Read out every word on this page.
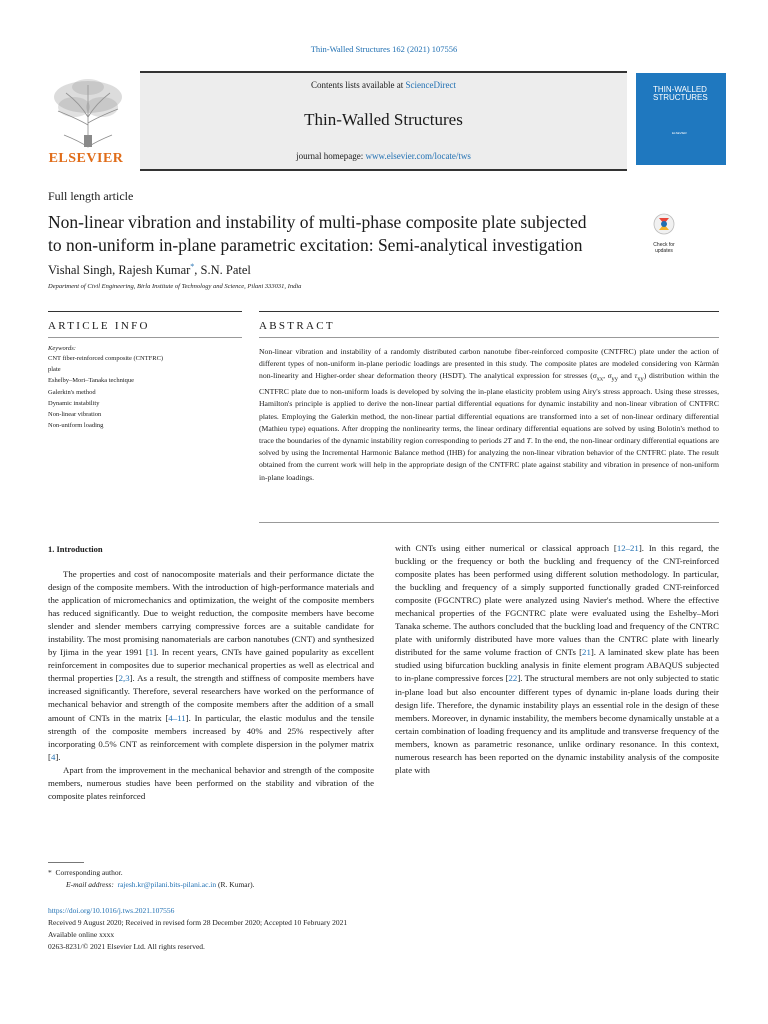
Thin-Walled Structures 162 (2021) 107556
ELSEVIER
Contents lists available at ScienceDirect
Thin-Walled Structures
journal homepage: www.elsevier.com/locate/tws
THIN-WALLED
STRUCTURES
ELSEVIER
Full length article
Non-linear vibration and instability of multi-phase composite plate subjected
to non-uniform in-plane parametric excitation: Semi-analytical investigation	Check for
updates
Vishal Singh, Rajesh Kumar*, S.N. Patel
Department of Civil Engineering, Birla Institute of Technology and Science, Pilani 333031, India
ARTICLE INFO	ABSTRACT
Keywords:
CNT fiber-reinforced composite (CNTFRC)
plate
Eshelby–Mori–Tanaka technique
Galerkin's method
Dynamic instability
Non-linear vibration
Non-uniform loading
Non-linear vibration and instability of a randomly distributed carbon nanotube fiber-reinforced composite (CNTFRC) plate under the action of different types of non-uniform in-plane periodic loadings are presented in this study. The composite plates are modeled considering von Kàrmàn non-linearity and Higher-order shear deformation theory (HSDT). The analytical expression for stresses ($\sigma_{xx}$, $\sigma_{yy}$ and $\tau_{xy}$) distribution within the CNTFRC plate due to non-uniform loads is developed by solving the in-plane elasticity problem using Airy's stress approach. Using these stresses, Hamilton's principle is applied to derive the non-linear partial differential equations for dynamic instability and non-linear vibration of CNTFRC plates. Employing the Galerkin method, the non-linear partial differential equations are transformed into a set of non-linear ordinary differential (Mathieu type) equations. After dropping the nonlinearity terms, the linear ordinary differential equations are solved by using Bolotin's method to trace the boundaries of the dynamic instability region corresponding to periods 2T and T. In the end, the non-linear ordinary differential equations are solved by using the Incremental Harmonic Balance method (IHB) for analyzing the non-linear vibration behavior of the CNTFRC plate. The result obtained from the current work will help in the appropriate design of the CNTFRC plate against stability and vibration in presence of non-uniform in-plane loadings.
1. Introduction

The properties and cost of nanocomposite materials and their performance dictate the design of the composite members. With the introduction of high-performance materials and the application of micromechanics and optimization, the weight of the composite members has reduced significantly. Due to weight reduction, the composite members have become slender and slender members carrying compressive forces are a suitable candidate for instability. The most promising nanomaterials are carbon nanotubes (CNT) and synthesized by Ijima in the year 1991 [1]. In recent years, CNTs have gained popularity as excellent reinforcement in composites due to superior mechanical properties as well as electrical and thermal properties [2,3]. As a result, the strength and stiffness of composite members have increased significantly. Therefore, several researchers have worked on the performance of mechanical behavior and strength of the composite members after the addition of a small amount of CNTs in the matrix [4–11]. In particular, the elastic modulus and the tensile strength of the composite members increased by 40% and 25% respectively after incorporating 0.5% CNT as reinforcement with complete dispersion in the polymer matrix [4].

Apart from the improvement in the mechanical behavior and strength of the composite members, numerous studies have been performed on the stability and vibration of the composite plates reinforced

with CNTs using either numerical or classical approach [12–21]. In this regard, the buckling or the frequency or both the buckling and frequency of the CNT-reinforced composite plates has been performed using different solution methodology. In particular, the buckling and frequency of a simply supported functionally graded CNT-reinforced composite (FGCNTRC) plate were analyzed using Navier's method. Where the effective mechanical properties of the FGCNTRC plate were evaluated using the Eshelby–Mori Tanaka scheme. The authors concluded that the buckling load and frequency of the CNTRC plate with uniformly distributed have more values than the CNTRC plate with linearly distributed for the same volume fraction of CNTs [21]. A laminated skew plate has been studied using bifurcation buckling analysis in finite element program ABAQUS subjected to in-plane compressive forces [22]. The structural members are not only subjected to static in-plane load but also encounter different types of dynamic in-plane loads during their design life. Therefore, the dynamic instability plays an essential role in the design of these members. Moreover, in dynamic instability, the members become dynamically unstable at a certain combination of loading frequency and its amplitude and transverse frequency of the members, known as parametric resonance, unlike ordinary resonance. In this context, numerous research has been reported on the dynamic instability analysis of the composite plate with

* Corresponding author.
E-mail address: rajesh.kr@pilani.bits-pilani.ac.in (R. Kumar).
https://doi.org/10.1016/j.tws.2021.107556
Received 9 August 2020; Received in revised form 28 December 2020; Accepted 10 February 2021
Available online xxxx
0263-8231/© 2021 Elsevier Ltd. All rights reserved.
